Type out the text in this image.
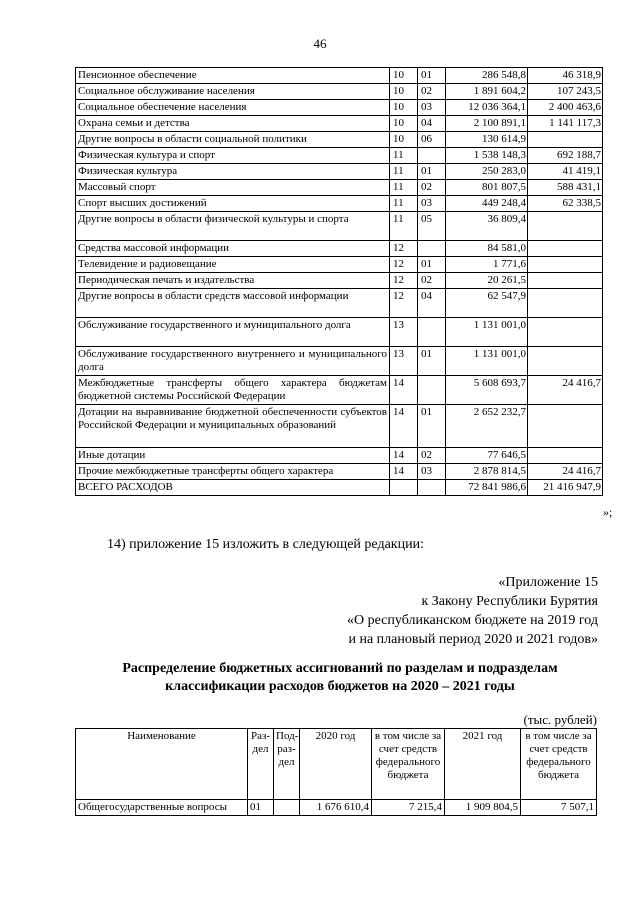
46
Пенсионное обеспечение	10	01	286 548,8	46 318,9
Социальное обслуживание населения	10	02	1 891 604,2	107 243,5
Социальное обеспечение населения	10	03	12 036 364,1	2 400 463,6
Охрана семьи и детства	10	04	2 100 891,1	1 141 117,3
Другие вопросы в области социальной политики	10	06	130 614,9	
Физическая культура и спорт	11		1 538 148,3	692 188,7
Физическая культура	11	01	250 283,0	41 419,1
Массовый спорт	11	02	801 807,5	588 431,1
Спорт высших достижений	11	03	449 248,4	62 338,5
Другие вопросы в области физической культуры и спорта	11	05	36 809,4	
Средства массовой информации	12		84 581,0	
Телевидение и радиовещание	12	01	1 771,6	
Периодическая печать и издательства	12	02	20 261,5	
Другие вопросы в области средств массовой информации	12	04	62 547,9	
Обслуживание государственного и муниципального долга	13		1 131 001,0	
Обслуживание государственного внутреннего и муниципального долга	13	01	1 131 001,0	
Межбюджетные трансферты общего характера бюджетам бюджетной системы Российской Федерации	14		5 608 693,7	24 416,7
Дотации на выравнивание бюджетной обеспеченности субъектов Российской Федерации и муниципальных образований	14	01	2 652 232,7	
Иные дотации	14	02	77 646,5	
Прочие межбюджетные трансферты общего характера	14	03	2 878 814,5	24 416,7
ВСЕГО РАСХОДОВ			72 841 986,6	21 416 947,9
»;
14) приложение 15 изложить в следующей редакции:
«Приложение 15
к Закону Республики Бурятия
«О республиканском бюджете на 2019 год
и на плановый период 2020 и 2021 годов»
Распределение бюджетных ассигнований по разделам и подразделам
классификации расходов бюджетов на 2020 – 2021 годы
(тыс. рублей)
Наименование	Раз-дел	Под-раз-дел	2020 год	в том числе за счет средств федерального бюджета	2021 год	в том числе за счет средств федерального бюджета
Общегосударственные вопросы	01		1 676 610,4	7 215,4	1 909 804,5	7 507,1
